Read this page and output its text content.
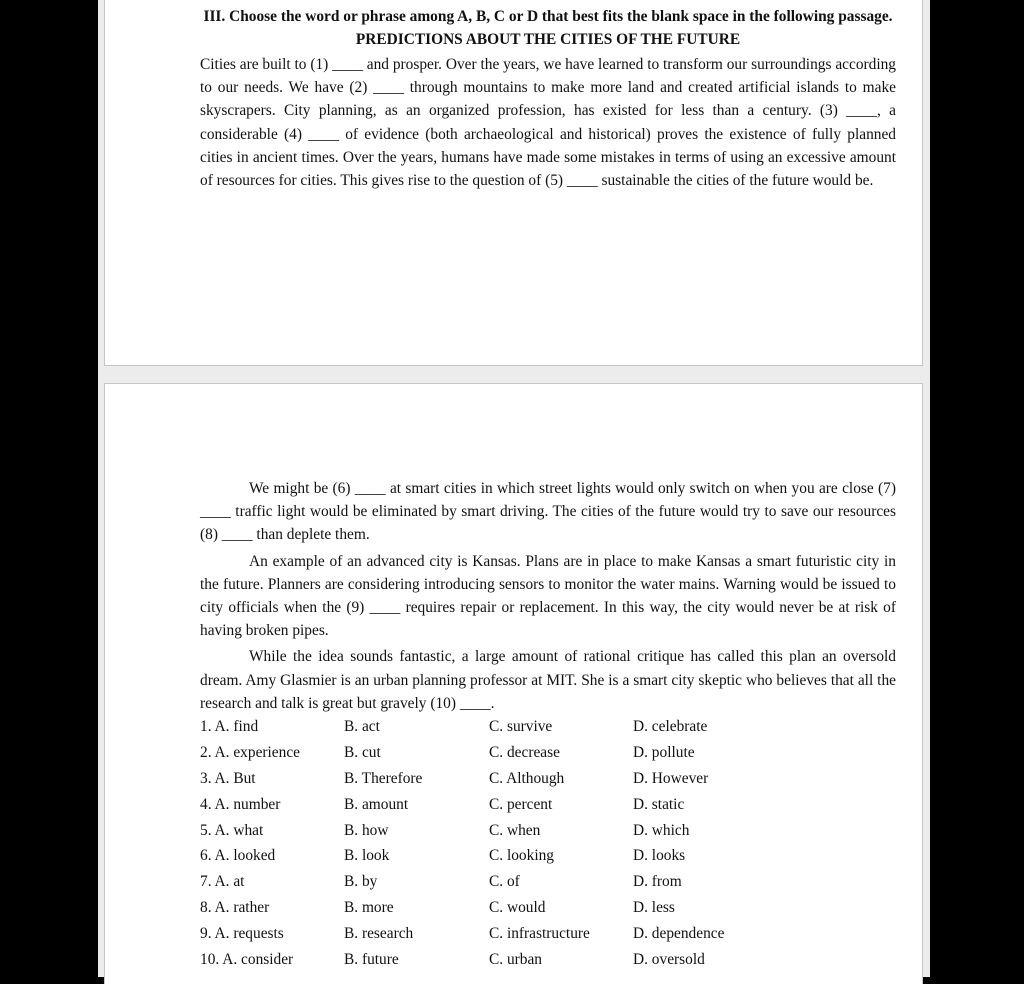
III. Choose the word or phrase among A, B, C or D that best fits the blank space in the following passage. PREDICTIONS ABOUT THE CITIES OF THE FUTURE

Cities are built to (1) ____ and prosper. Over the years, we have learned to transform our surroundings according to our needs. We have (2) ____ through mountains to make more land and created artificial islands to make skyscrapers. City planning, as an organized profession, has existed for less than a century. (3) ____, a considerable (4) ____ of evidence (both archaeological and historical) proves the existence of fully planned cities in ancient times. Over the years, humans have made some mistakes in terms of using an excessive amount of resources for cities. This gives rise to the question of (5) ____ sustainable the cities of the future would be.

We might be (6) ____ at smart cities in which street lights would only switch on when you are close (7) ____ traffic light would be eliminated by smart driving. The cities of the future would try to save our resources (8) ____ than deplete them.

An example of an advanced city is Kansas. Plans are in place to make Kansas a smart futuristic city in the future. Planners are considering introducing sensors to monitor the water mains. Warning would be issued to city officials when the (9) ____ requires repair or replacement. In this way, the city would never be at risk of having broken pipes.

While the idea sounds fantastic, a large amount of rational critique has called this plan an oversold dream. Amy Glasmier is an urban planning professor at MIT. She is a smart city skeptic who believes that all the research and talk is great but gravely (10) ____.

1. A. find	B. act	C. survive	D. celebrate
2. A. experience	B. cut	C. decrease	D. pollute
3. A. But	B. Therefore	C. Although	D. However
4. A. number	B. amount	C. percent	D. static
5. A. what	B. how	C. when	D. which
6. A. looked	B. look	C. looking	D. looks
7. A. at	B. by	C. of	D. from
8. A. rather	B. more	C. would	D. less
9. A. requests	B. research	C. infrastructure	D. dependence
10. A. consider	B. future	C. urban	D. oversold
